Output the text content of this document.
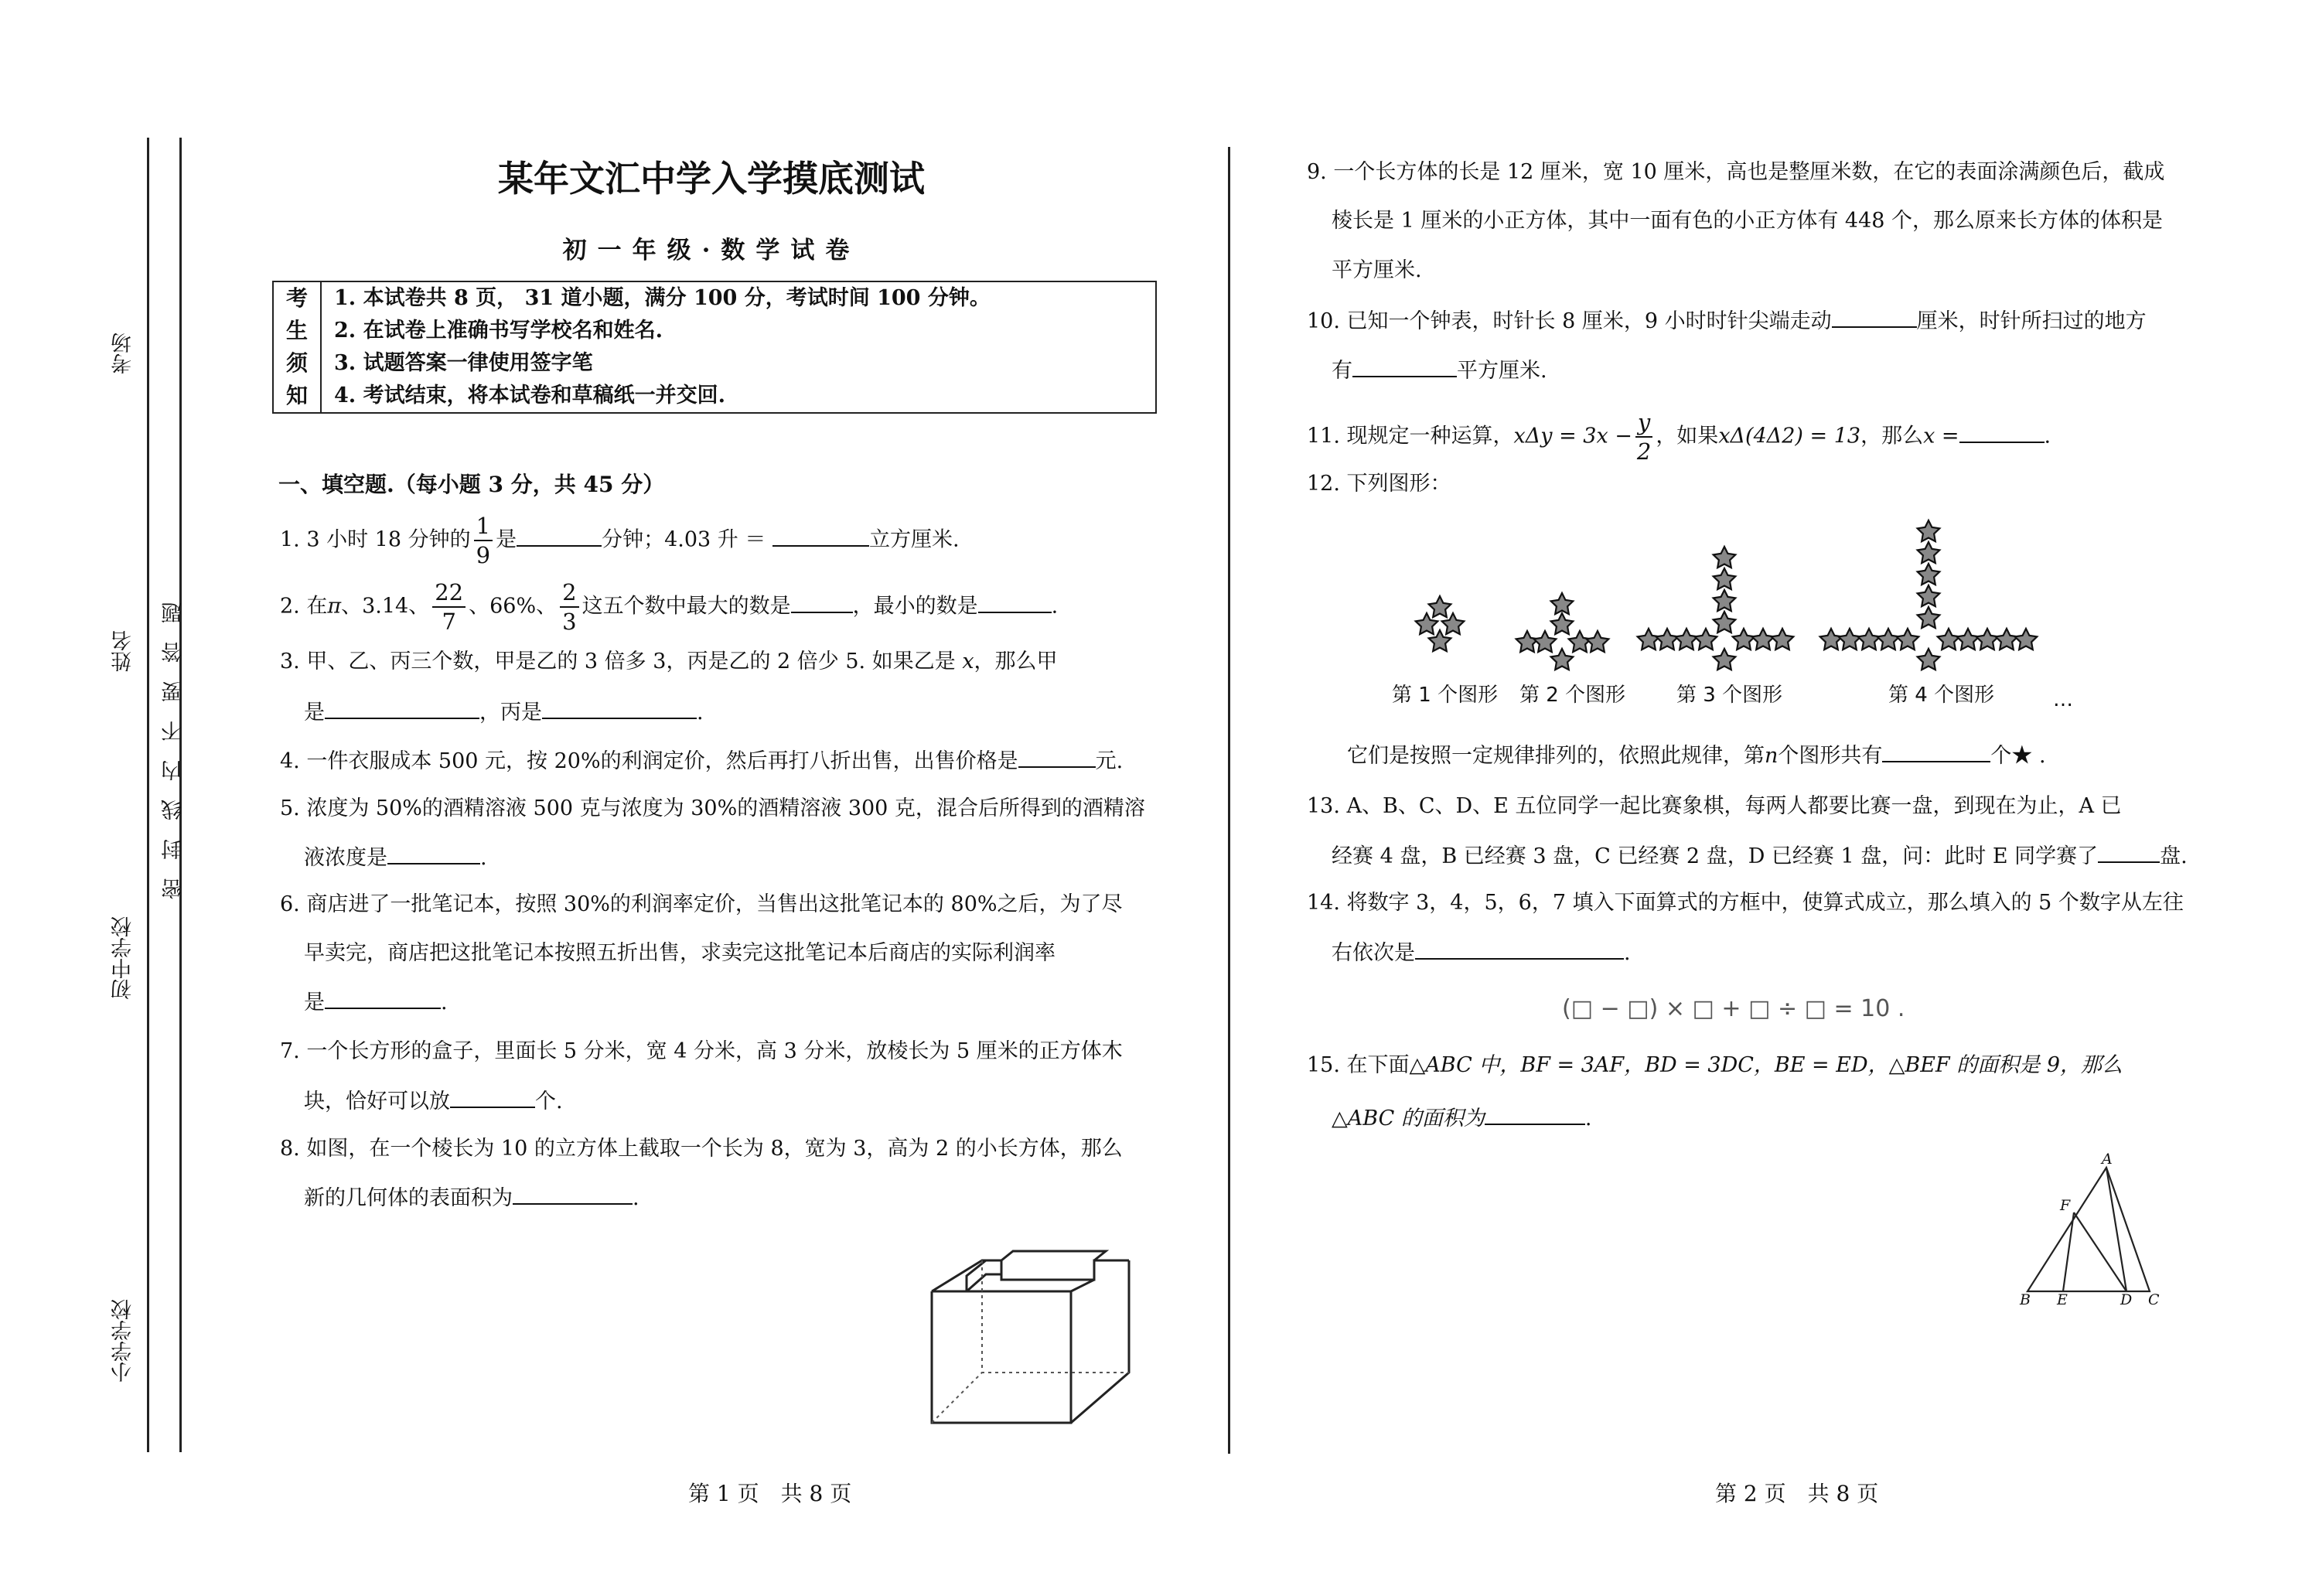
考场
姓名
初中学校
小学学校
密封线内不要答题
某年文汇中学入学摸底测试
初一年级·数学试卷
考
生
须
知
1. 本试卷共 8 页， 31 道小题，满分 100 分，考试时间 100 分钟。
2. 在试卷上准确书写学校名和姓名.
3. 试题答案一律使用签字笔
4. 考试结束，将本试卷和草稿纸一并交回.
一、填空题.（每小题 3 分，共 45 分）
1. 3 小时 18 分钟的 $\frac{1}{9}$ 是	分钟；4.03 升 ＝	立方厘米.
2. 在π、3.14、 $\frac{22}{7}$ 、66%、 $\frac{2}{3}$ 这五个数中最大的数是	，最小的数是	.
3. 甲、乙、丙三个数，甲是乙的 3 倍多 3，丙是乙的 2 倍少 5. 如果乙是 x，那么甲
是	，丙是	.
4. 一件衣服成本 500 元，按 20%的利润定价，然后再打八折出售，出售价格是	元.
5. 浓度为 50%的酒精溶液 500 克与浓度为 30%的酒精溶液 300 克，混合后所得到的酒精溶
液浓度是	.
6. 商店进了一批笔记本，按照 30%的利润率定价，当售出这批笔记本的 80%之后，为了尽
早卖完，商店把这批笔记本按照五折出售，求卖完这批笔记本后商店的实际利润率
是	.
7. 一个长方形的盒子，里面长 5 分米，宽 4 分米，高 3 分米，放棱长为 5 厘米的正方体木
块，恰好可以放	个.
8. 如图，在一个棱长为 10 的立方体上截取一个长为 8，宽为 3，高为 2 的小长方体，那么
新的几何体的表面积为	.
9. 一个长方体的长是 12 厘米，宽 10 厘米，高也是整厘米数，在它的表面涂满颜色后，截成
棱长是 1 厘米的小正方体，其中一面有色的小正方体有 448 个，那么原来长方体的体积是
平方厘米.
10. 已知一个钟表，时针长 8 厘米，9 小时时针尖端走动	厘米，时针所扫过的地方
有	平方厘米.
11. 现规定一种运算，$x\Delta y = 3x - \frac{y}{2}$ ，如果xΔ(4Δ2) = 13，那么x =	.
12. 下列图形：
第 1 个图形 第 2 个图形	第 3 个图形	第 4 个图形	…
它们是按照一定规律排列的，依照此规律，第n个图形共有	个★ .
13. A、B、C、D、E 五位同学一起比赛象棋，每两人都要比赛一盘，到现在为止，A 已
经赛 4 盘，B 已经赛 3 盘，C 已经赛 2 盘，D 已经赛 1 盘，问：此时 E 同学赛了	盘.
14. 将数字 3，4，5，6，7 填入下面算式的方框中，使算式成立，那么填入的 5 个数字从左往
右依次是	.
(□ − □) × □ + □ ÷ □ = 10 .
15. 在下面△ABC 中，BF = 3AF，BD = 3DC，BE = ED，△BEF 的面积是 9，那么
△ABC 的面积为	.
A
F
B E	D C
第 1 页　共 8 页	第 2 页　共 8 页
